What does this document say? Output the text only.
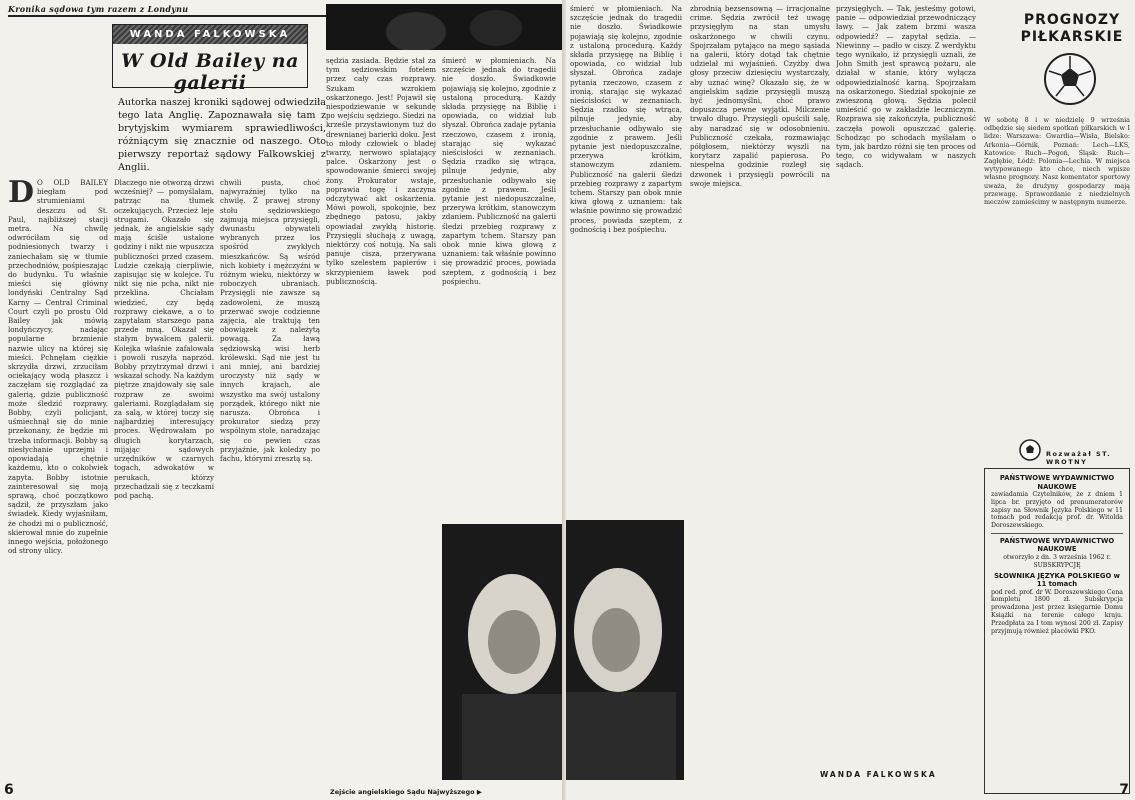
Kronika sądowa tym razem z Londynu
WANDA FALKOWSKA
W Old Bailey na galerii
Autorka naszej kroniki sądowej odwiedziła tego lata Anglię. Zapoznawała się tam z brytyjskim wymiarem sprawiedliwości, różniącym się znacznie od naszego. Oto pierwszy reportaż sądowy Falkowskiej z Anglii.
D O OLD BAILEY biegłam pod strumieniami deszczu od St. Paul, najbliższej stacji metra. Na chwilę odwróciłam się od podniesionych twarzy i zaniechałam się w tłumie przechodniów, pośpieszając do budynku. Tu właśnie mieści się główny londyński Centralny Sąd Karny — Central Criminal Court czyli po prostu Old Bailey jak mówią londyńczycy, nadając popularne brzmienie nazwie ulicy na której się mieści. Pchnęłam ciężkie skrzydła drzwi, zrzuciłam ociekający wodą płaszcz i zaczęłam się rozglądać za galerią, gdzie publiczność może śledzić rozprawy. Bobby, czyli policjant, uśmiechnął się do mnie przekonany, że będzie mi trzeba informacji. Bobby są niesłychanie uprzejmi i opowiadają chętnie każdemu, kto o cokolwiek zapyta. Bobby istotnie zainteresował się moją sprawą, choć początkowo sądził, że przyszłam jako świadek. Kiedy wyjaśniłam, że chodzi mi o publiczność, skierował mnie do zupełnie innego wejścia, położonego od strony ulicy.
Dlaczego nie otworzą drzwi wcześniej? — pomyślałam, patrząc na tłumek oczekujących. Przecież leje strugami. Okazało się jednak, że angielskie sądy mają ściśle ustalone godziny i nikt nie wpuszcza publiczności przed czasem. Ludzie czekają cierpliwie, zapisując się w kolejce. Tu nikt się nie pcha, nikt nie przeklina. Chciałam wiedzieć, czy będą rozprawy ciekawe, a o to zapytałam starszego pana przede mną. Okazał się stałym bywalcem galerii. Kolejka właśnie zafalowała i powoli ruszyła naprzód. Bobby przytrzymał drzwi i wskazał schody. Na każdym piętrze znajdowały się sale rozpraw ze swoimi galeriami. Rozglądałam się za salą, w której toczy się najbardziej interesujący proces. Wędrowałam po długich korytarzach, mijając sądowych urzędników w czarnych togach, adwokatów w perukach, którzy przechadzali się z teczkami pod pachą.
chwili pusta, choć najwyraźniej tylko na chwilę. Z prawej strony stołu sędziowskiego zajmują miejsca przysięgli, dwunastu obywateli wybranych przez los spośród zwykłych mieszkańców. Są wśród nich kobiety i mężczyźni w różnym wieku, niektórzy w roboczych ubraniach. Przysięgli nie zawsze są zadowoleni, że muszą przerwać swoje codzienne zajęcia, ale traktują ten obowiązek z należytą powagą. Za ławą sędziowską wisi herb królewski. Sąd nie jest tu ani mniej, ani bardziej uroczysty niż sądy w innych krajach, ale wszystko ma swój ustalony porządek, którego nikt nie narusza. Obrońca i prokurator siedzą przy wspólnym stole, naradzając się co pewien czas przyjaźnie, jak koledzy po fachu, którymi zresztą są.
sędzia zasiada. Będzie stał za tym sędziowskim fotelem przez cały czas rozprawy. Szukam wzrokiem oskarżonego. Jest! Pojawił się niespodziewanie w sekundę po wejściu sędziego. Siedzi na krześle przystawionym tuż do drewnianej barierki doku. Jest to młody człowiek o bladej twarzy, nerwowo splatający palce. Oskarżony jest o spowodowanie śmierci swojej żony. Prokurator wstaje, poprawia togę i zaczyna odczytywać akt oskarżenia. Mówi powoli, spokojnie, bez zbędnego patosu, jakby opowiadał zwykłą historię. Przysięgli słuchają z uwagą, niektórzy coś notują. Na sali panuje cisza, przerywana tylko szelestem papierów i skrzypieniem ławek pod publicznością.
śmierć w płomieniach. Na szczęście jednak do tragedii nie doszło. Świadkowie pojawiają się kolejno, zgodnie z ustaloną procedurą. Każdy składa przysięgę na Biblię i opowiada, co widział lub słyszał. Obrońca zadaje pytania rzeczowo, czasem z ironią, starając się wykazać nieścisłości w zeznaniach. Sędzia rzadko się wtrąca, pilnuje jedynie, aby przesłuchanie odbywało się zgodnie z prawem. Jeśli pytanie jest niedopuszczalne, przerywa krótkim, stanowczym zdaniem. Publiczność na galerii śledzi przebieg rozprawy z zapartym tchem. Starszy pan obok mnie kiwa głową z uznaniem: tak właśnie powinno się prowadzić proces, powiada szeptem, z godnością i bez pośpiechu.
Zejście angielskiego Sądu Najwyższego ▶
6
śmierć w płomieniach. Na szczęście jednak do tragedii nie doszło. Świadkowie pojawiają się kolejno, zgodnie z ustaloną procedurą. Każdy składa przysięgę na Biblię i opowiada, co widział lub słyszał. Obrońca zadaje pytania rzeczowo, czasem z ironią, starając się wykazać nieścisłości w zeznaniach. Sędzia rzadko się wtrąca, pilnuje jedynie, aby przesłuchanie odbywało się zgodnie z prawem. Jeśli pytanie jest niedopuszczalne, przerywa krótkim, stanowczym zdaniem. Publiczność na galerii śledzi przebieg rozprawy z zapartym tchem. Starszy pan obok mnie kiwa głową z uznaniem: tak właśnie powinno się prowadzić proces, powiada szeptem, z godnością i bez pośpiechu.
zbrodnią bezsensowną — irracjonalne crime. Sędzia zwrócił też uwagę przysięgłym na stan umysłu oskarżonego w chwili czynu. Spojrzałam pytająco na mego sąsiada na galerii, który dotąd tak chętnie udzielał mi wyjaśnień. Czyżby dwa głosy przeciw dziesięciu wystarczały, aby uznać winę? Okazało się, że w angielskim sądzie przysięgli muszą być jednomyślni, choć prawo dopuszcza pewne wyjątki. Milczenie trwało długo. Przysięgli opuścili salę, aby naradzać się w odosobnieniu. Publiczność czekała, rozmawiając półgłosem, niektórzy wyszli na korytarz zapalić papierosa. Po niespełna godzinie rozległ się dzwonek i przysięgli powrócili na swoje miejsca.
przysięgłych. — Tak, jesteśmy gotowi, panie — odpowiedział przewodniczący ławy. — Jak zatem brzmi wasza odpowiedź? — zapytał sędzia. — Niewinny — padło w ciszy. Z werdyktu tego wynikało, iż przysięgli uznali, że John Smith jest sprawcą pożaru, ale działał w stanie, który wyłącza odpowiedzialność karną. Spojrzałam na oskarżonego. Siedział spokojnie ze zwieszoną głową. Sędzia polecił umieścić go w zakładzie leczniczym. Rozprawa się zakończyła, publiczność zaczęła powoli opuszczać galerię. Schodząc po schodach myślałam o tym, jak bardzo różni się ten proces od tego, co widywałam w naszych sądach.
WANDA FALKOWSKA
PROGNOZY PIŁKARSKIE
W sobotę 8 i w niedzielę 9 września odbędzie się siedem spotkań piłkarskich w I lidze: Warszawa: Gwardia—Wisła, Bielsko: Arkonia—Górnik, Poznań: Lech—LKS, Katowice: Ruch—Pogoń, Śląsk: Ruch—Zagłębie, Łódź: Polonia—Lechia. W miejsca wytypowanego kto chce, niech wpisze własne prognozy. Nasz komentator sportowy uważa, że drużyny gospodarzy mają przewagę. Sprawozdanie z niedzielnych meczów zamieścimy w następnym numerze.
Rozważał ST. WROTNY
PAŃSTWOWE WYDAWNICTWO NAUKOWE
zawiadamia Czytelników, że z dniem 1 lipca br. przyjęto od prenumeratorów zapisy na Słownik Języka Polskiego w 11 tomach pod redakcją prof. dr. Witolda Doroszewskiego.
PAŃSTWOWE WYDAWNICTWO NAUKOWE
otworzyło z dn. 3 września 1962 r. SUBSKRYPCJĘ
SŁOWNIKA JĘZYKA POLSKIEGO w 11 tomach
pod red. prof. dr W. Doroszewskiego Cena kompletu 1800 zł. Subskrypcja prowadzona jest przez księgarnie Domu Książki na terenie całego kraju. Przedpłata za I tom wynosi 200 zł. Zapisy przyjmują również placówki PKO.
7
